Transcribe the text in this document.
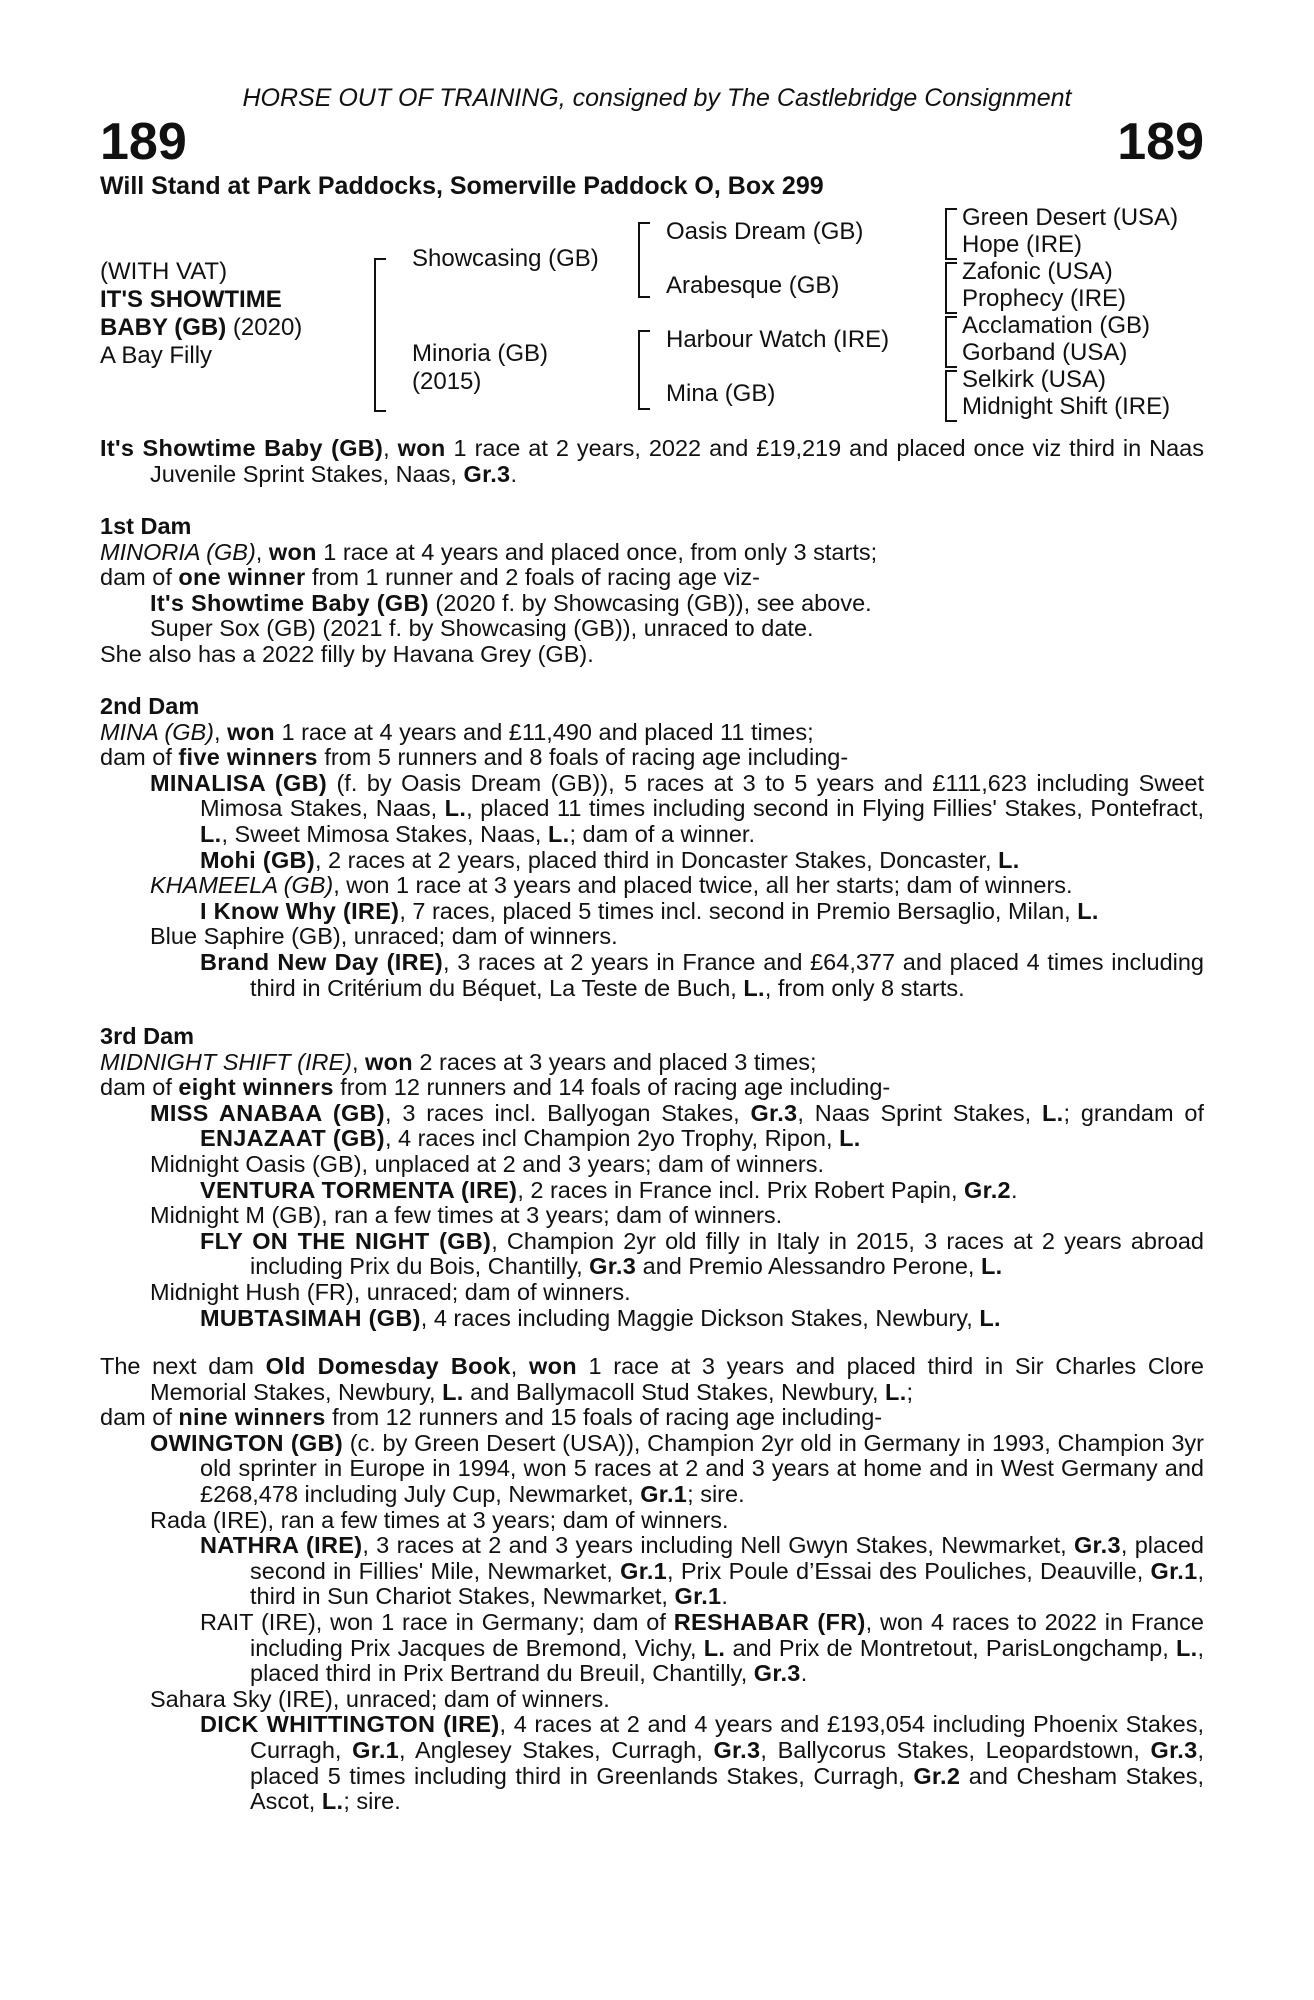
HORSE OUT OF TRAINING, consigned by The Castlebridge Consignment
189	189
Will Stand at Park Paddocks, Somerville Paddock O, Box 299
(WITH VAT)
IT'S SHOWTIME
BABY (GB) (2020)
A Bay Filly
Showcasing (GB)
Minoria (GB)
(2015)
Oasis Dream (GB)
Arabesque (GB)
Harbour Watch (IRE)
Mina (GB)
Green Desert (USA)
Hope (IRE)
Zafonic (USA)
Prophecy (IRE)
Acclamation (GB)
Gorband (USA)
Selkirk (USA)
Midnight Shift (IRE)

It's Showtime Baby (GB), won 1 race at 2 years, 2022 and £19,219 and placed once viz third in Naas Juvenile Sprint Stakes, Naas, Gr.3.

1st Dam

MINORIA (GB), won 1 race at 4 years and placed once, from only 3 starts;

dam of one winner from 1 runner and 2 foals of racing age viz-

It's Showtime Baby (GB) (2020 f. by Showcasing (GB)), see above.

Super Sox (GB) (2021 f. by Showcasing (GB)), unraced to date.

She also has a 2022 filly by Havana Grey (GB).

2nd Dam

MINA (GB), won 1 race at 4 years and £11,490 and placed 11 times;

dam of five winners from 5 runners and 8 foals of racing age including-

MINALISA (GB) (f. by Oasis Dream (GB)), 5 races at 3 to 5 years and £111,623 including Sweet Mimosa Stakes, Naas, L., placed 11 times including second in Flying Fillies' Stakes, Pontefract, L., Sweet Mimosa Stakes, Naas, L.; dam of a winner.

Mohi (GB), 2 races at 2 years, placed third in Doncaster Stakes, Doncaster, L.

KHAMEELA (GB), won 1 race at 3 years and placed twice, all her starts; dam of winners.

I Know Why (IRE), 7 races, placed 5 times incl. second in Premio Bersaglio, Milan, L.

Blue Saphire (GB), unraced; dam of winners.

Brand New Day (IRE), 3 races at 2 years in France and £64,377 and placed 4 times including third in Critérium du Béquet, La Teste de Buch, L., from only 8 starts.

3rd Dam

MIDNIGHT SHIFT (IRE), won 2 races at 3 years and placed 3 times;

dam of eight winners from 12 runners and 14 foals of racing age including-

MISS ANABAA (GB), 3 races incl. Ballyogan Stakes, Gr.3, Naas Sprint Stakes, L.; grandam of ENJAZAAT (GB), 4 races incl Champion 2yo Trophy, Ripon, L.

Midnight Oasis (GB), unplaced at 2 and 3 years; dam of winners.

VENTURA TORMENTA (IRE), 2 races in France incl. Prix Robert Papin, Gr.2.

Midnight M (GB), ran a few times at 3 years; dam of winners.

FLY ON THE NIGHT (GB), Champion 2yr old filly in Italy in 2015, 3 races at 2 years abroad including Prix du Bois, Chantilly, Gr.3 and Premio Alessandro Perone, L.

Midnight Hush (FR), unraced; dam of winners.

MUBTASIMAH (GB), 4 races including Maggie Dickson Stakes, Newbury, L.

The next dam Old Domesday Book, won 1 race at 3 years and placed third in Sir Charles Clore Memorial Stakes, Newbury, L. and Ballymacoll Stud Stakes, Newbury, L.;

dam of nine winners from 12 runners and 15 foals of racing age including-

OWINGTON (GB) (c. by Green Desert (USA)), Champion 2yr old in Germany in 1993, Champion 3yr old sprinter in Europe in 1994, won 5 races at 2 and 3 years at home and in West Germany and £268,478 including July Cup, Newmarket, Gr.1; sire.

Rada (IRE), ran a few times at 3 years; dam of winners.

NATHRA (IRE), 3 races at 2 and 3 years including Nell Gwyn Stakes, Newmarket, Gr.3, placed second in Fillies' Mile, Newmarket, Gr.1, Prix Poule d’Essai des Pouliches, Deauville, Gr.1, third in Sun Chariot Stakes, Newmarket, Gr.1.

RAIT (IRE), won 1 race in Germany; dam of RESHABAR (FR), won 4 races to 2022 in France including Prix Jacques de Bremond, Vichy, L. and Prix de Montretout, ParisLongchamp, L., placed third in Prix Bertrand du Breuil, Chantilly, Gr.3.

Sahara Sky (IRE), unraced; dam of winners.

DICK WHITTINGTON (IRE), 4 races at 2 and 4 years and £193,054 including Phoenix Stakes, Curragh, Gr.1, Anglesey Stakes, Curragh, Gr.3, Ballycorus Stakes, Leopardstown, Gr.3, placed 5 times including third in Greenlands Stakes, Curragh, Gr.2 and Chesham Stakes, Ascot, L.; sire.
